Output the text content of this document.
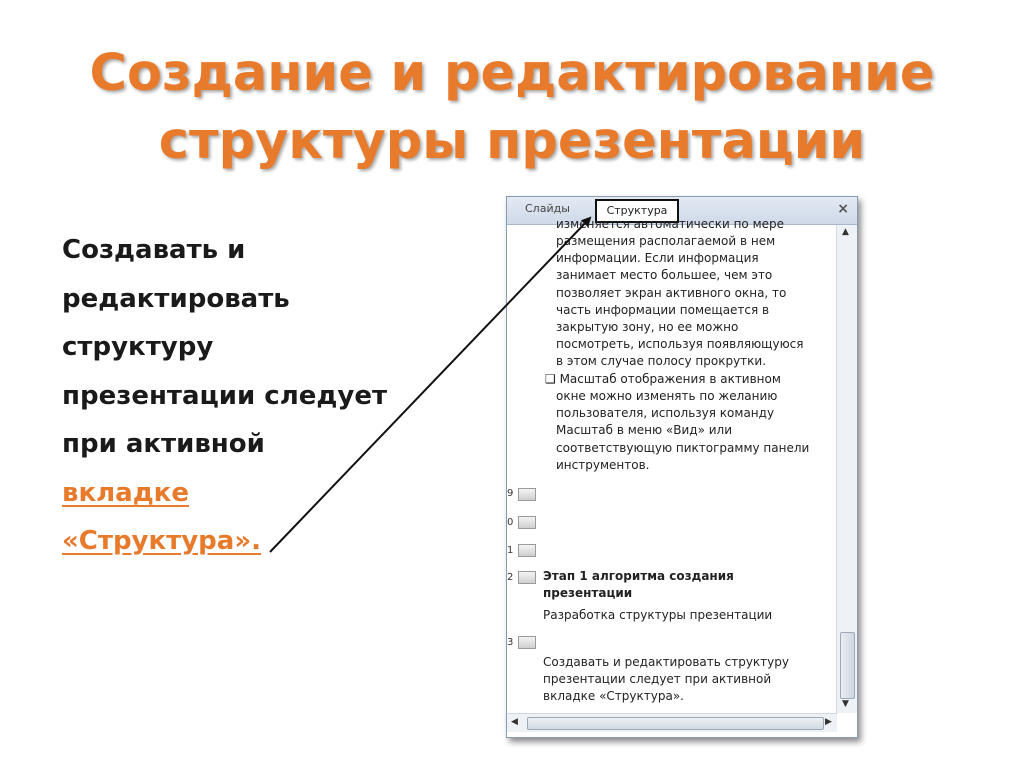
Создание и редактирование
структуры презентации
Создавать и
редактировать
структуру
презентации следует
при активной
вкладке
«Структура».
Слайды	Структура	×
изменяется автоматически по мере
размещения располагаемой в нем
информации. Если информация
занимает место большее, чем это
позволяет экран активного окна, то
часть информации помещается в
закрытую зону, но ее можно
посмотреть, используя появляющуюся
в этом случае полосу прокрутки.
❑ Масштаб отображения в активном
окне можно изменять по желанию
пользователя, используя команду
Масштаб в меню «Вид» или
соответствующую пиктограмму панели
инструментов.
9
0
1
2 Этап 1 алгоритма создания
презентации
Разработка структуры презентации
3
Создавать и редактировать структуру
презентации следует при активной
вкладке «Структура».
▲
▼
◀	▶
